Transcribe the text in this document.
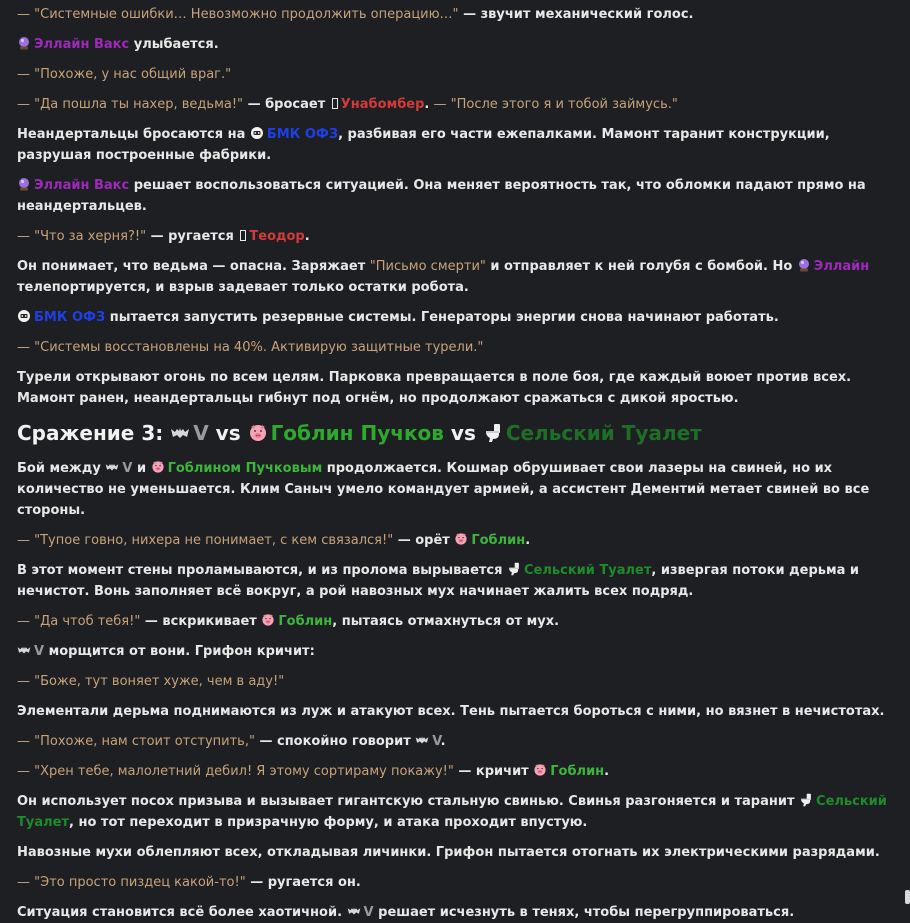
— "Системные ошибки… Невозможно продолжить операцию…" — звучит механический голос.

Эллайн Вакс улыбается.

— "Похоже, у нас общий враг."

— "Да пошла ты нахер, ведьма!" — бросает Унабомбер. — "После этого я и тобой займусь."

Неандертальцы бросаются на
БМК ОФЗ, разбивая его части ежепалками. Мамонт таранит конструкции, разрушая построенные фабрики.

Эллайн Вакс решает воспользоваться ситуацией. Она меняет вероятность так, что обломки падают прямо на неандертальцев.

— "Что за херня?!" — ругается Теодор.

Он понимает, что ведьма — опасна. Заряжает "Письмо смерти" и отправляет к ней голубя с бомбой. Но
Эллайн телепортируется, и взрыв задевает только остатки робота.

БМК ОФЗ пытается запустить резервные системы. Генераторы энергии снова начинают работать.

— "Системы восстановлены на 40%. Активирую защитные турели."

Турели открывают огонь по всем целям. Парковка превращается в поле боя, где каждый воюет против всех. Мамонт ранен, неандертальцы гибнут под огнём, но продолжают сражаться с дикой яростью.

Сражение 3:
V vs
Гоблин Пучков vs
Сельский Туалет

Бой между
V и
Гоблином Пучковым продолжается. Кошмар обрушивает свои лазеры на свиней, но их количество не уменьшается. Клим Саныч умело командует армией, а ассистент Дементий метает свиней во все стороны.

— "Тупое говно, нихера не понимает, с кем связался!" — орёт
Гоблин.

В этот момент стены проламываются, и из пролома вырывается
Сельский Туалет, извергая потоки дерьма и нечистот. Вонь заполняет всё вокруг, а рой навозных мух начинает жалить всех подряд.

— "Да чтоб тебя!" — вскрикивает
Гоблин, пытаясь отмахнуться от мух.

V морщится от вони. Грифон кричит:

— "Боже, тут воняет хуже, чем в аду!"

Элементали дерьма поднимаются из луж и атакуют всех. Тень пытается бороться с ними, но вязнет в нечистотах.

— "Похоже, нам стоит отступить," — спокойно говорит
V.

— "Хрен тебе, малолетний дебил! Я этому сортираму покажу!" — кричит
Гоблин.

Он использует посох призыва и вызывает гигантскую стальную свинью. Свинья разгоняется и таранит
Сельский Туалет, но тот переходит в призрачную форму, и атака проходит впустую.

Навозные мухи облепляют всех, откладывая личинки. Грифон пытается отогнать их электрическими разрядами.

— "Это просто пиздец какой-то!" — ругается он.

Ситуация становится всё более хаотичной.
V решает исчезнуть в тенях, чтобы перегруппироваться.
